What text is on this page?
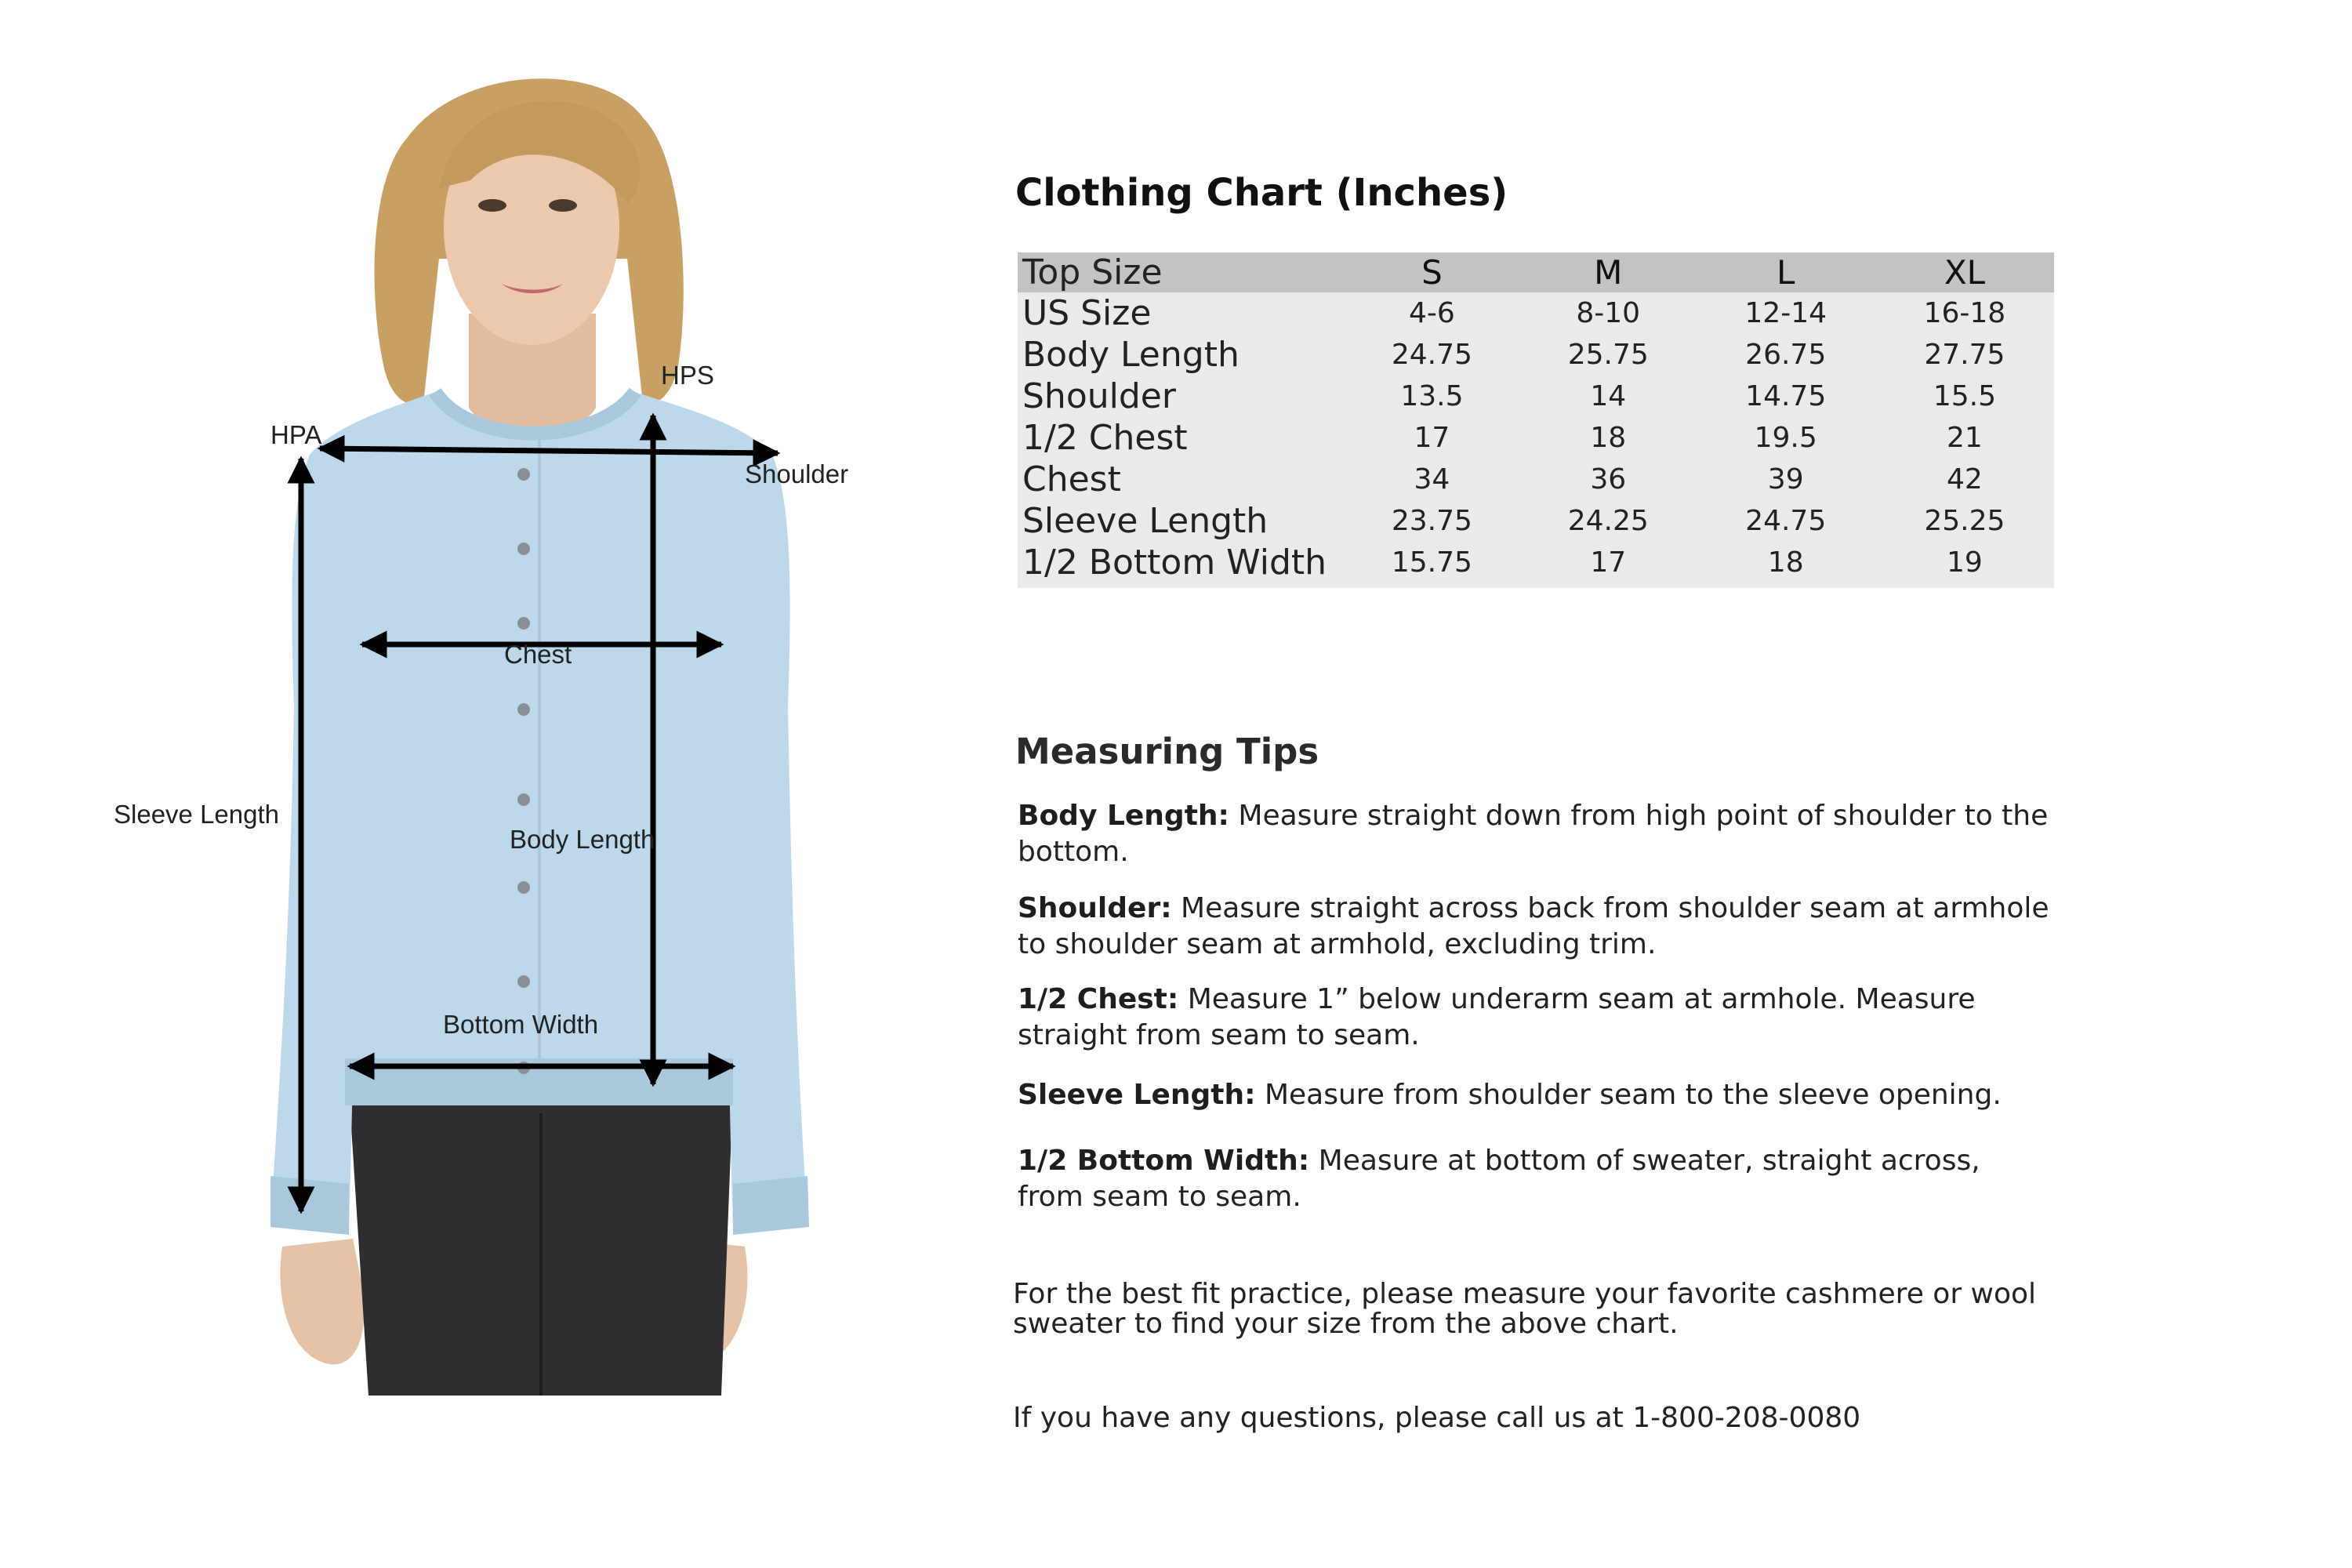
HPS
HPA
Shoulder
Chest
Sleeve Length
Body Length
Bottom Width
Clothing Chart (Inches)
Top Size	S	M	L	XL
US Size	4-6	8-10	12-14	16-18
Body Length	24.75	25.75	26.75	27.75
Shoulder	13.5	14	14.75	15.5
1/2 Chest	17	18	19.5	21
Chest	34	36	39	42
Sleeve Length	23.75	24.25	24.75	25.25
1/2 Bottom Width	15.75	17	18	19
Measuring Tips

Body Length: Measure straight down from high point of shoulder to the bottom.

Shoulder: Measure straight across back from shoulder seam at armhole to shoulder seam at armhold, excluding trim.

1/2 Chest: Measure 1” below underarm seam at armhole. Measure straight from seam to seam.

Sleeve Length: Measure from shoulder seam to the sleeve opening.

1/2 Bottom Width: Measure at bottom of sweater, straight across, from seam to seam.

For the best fit practice, please measure your favorite cashmere or wool sweater to find your size from the above chart.

If you have any questions, please call us at 1-800-208-0080
